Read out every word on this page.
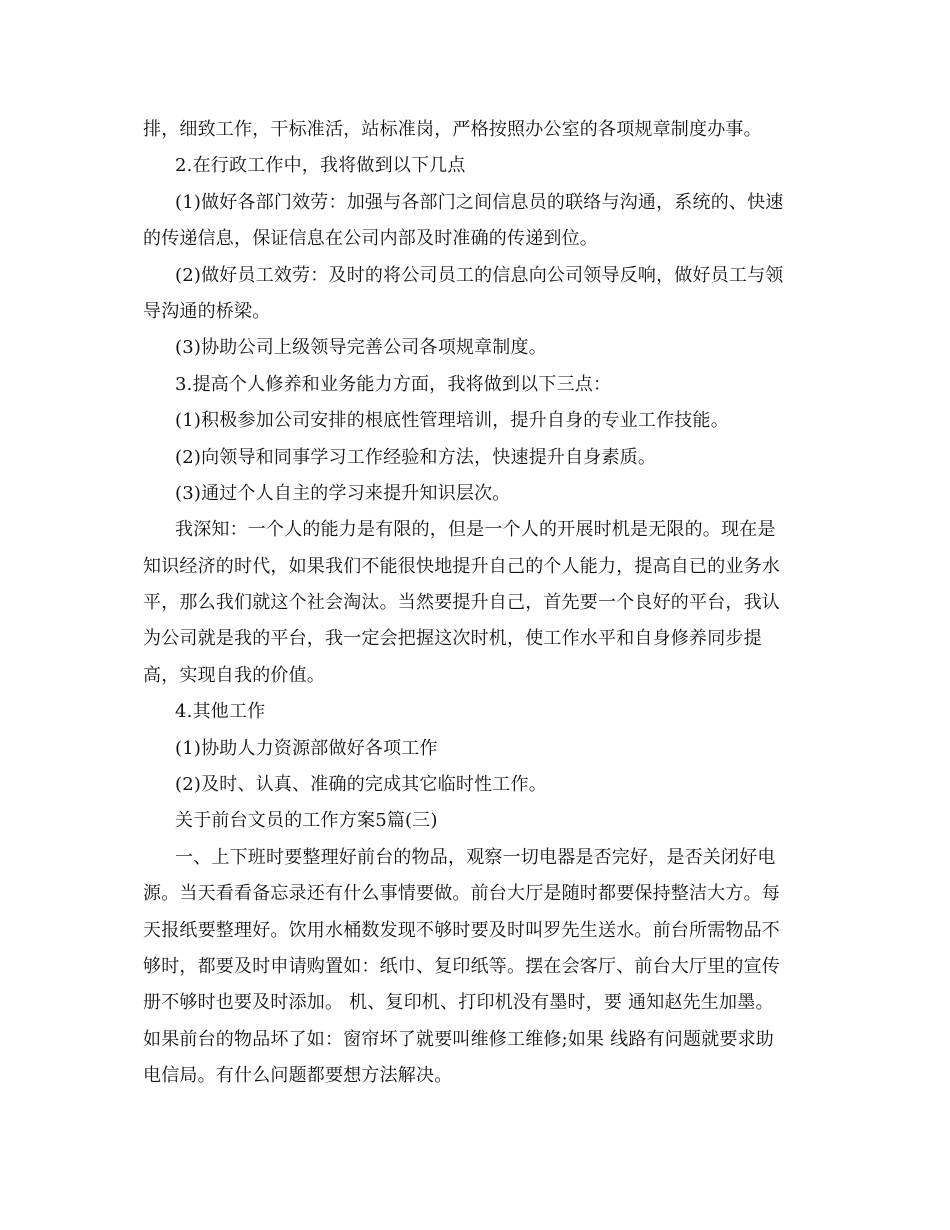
排，细致工作，干标准活，站标准岗，严格按照办公室的各项规章制度办事。
2.在行政工作中，我将做到以下几点
(1)做好各部门效劳：加强与各部门之间信息员的联络与沟通，系统的、快速
的传递信息，保证信息在公司内部及时准确的传递到位。
(2)做好员工效劳：及时的将公司员工的信息向公司领导反响，做好员工与领
导沟通的桥梁。
(3)协助公司上级领导完善公司各项规章制度。
3.提高个人修养和业务能力方面，我将做到以下三点：
(1)积极参加公司安排的根底性管理培训，提升自身的专业工作技能。
(2)向领导和同事学习工作经验和方法，快速提升自身素质。
(3)通过个人自主的学习来提升知识层次。
我深知：一个人的能力是有限的，但是一个人的开展时机是无限的。现在是
知识经济的时代，如果我们不能很快地提升自己的个人能力，提高自已的业务水
平，那么我们就这个社会淘汰。当然要提升自己，首先要一个良好的平台，我认
为公司就是我的平台，我一定会把握这次时机，使工作水平和自身修养同步提
高，实现自我的价值。
4.其他工作
(1)协助人力资源部做好各项工作
(2)及时、认真、准确的完成其它临时性工作。
关于前台文员的工作方案5篇(三)
一、上下班时要整理好前台的物品，观察一切电器是否完好，是否关闭好电
源。当天看看备忘录还有什么事情要做。前台大厅是随时都要保持整洁大方。每
天报纸要整理好。饮用水桶数发现不够时要及时叫罗先生送水。前台所需物品不
够时，都要及时申请购置如：纸巾、复印纸等。摆在会客厅、前台大厅里的宣传
册不够时也要及时添加。 机、复印机、打印机没有墨时，要 通知赵先生加墨。
如果前台的物品坏了如：窗帘坏了就要叫维修工维修;如果 线路有问题就要求助
电信局。有什么问题都要想方法解决。
